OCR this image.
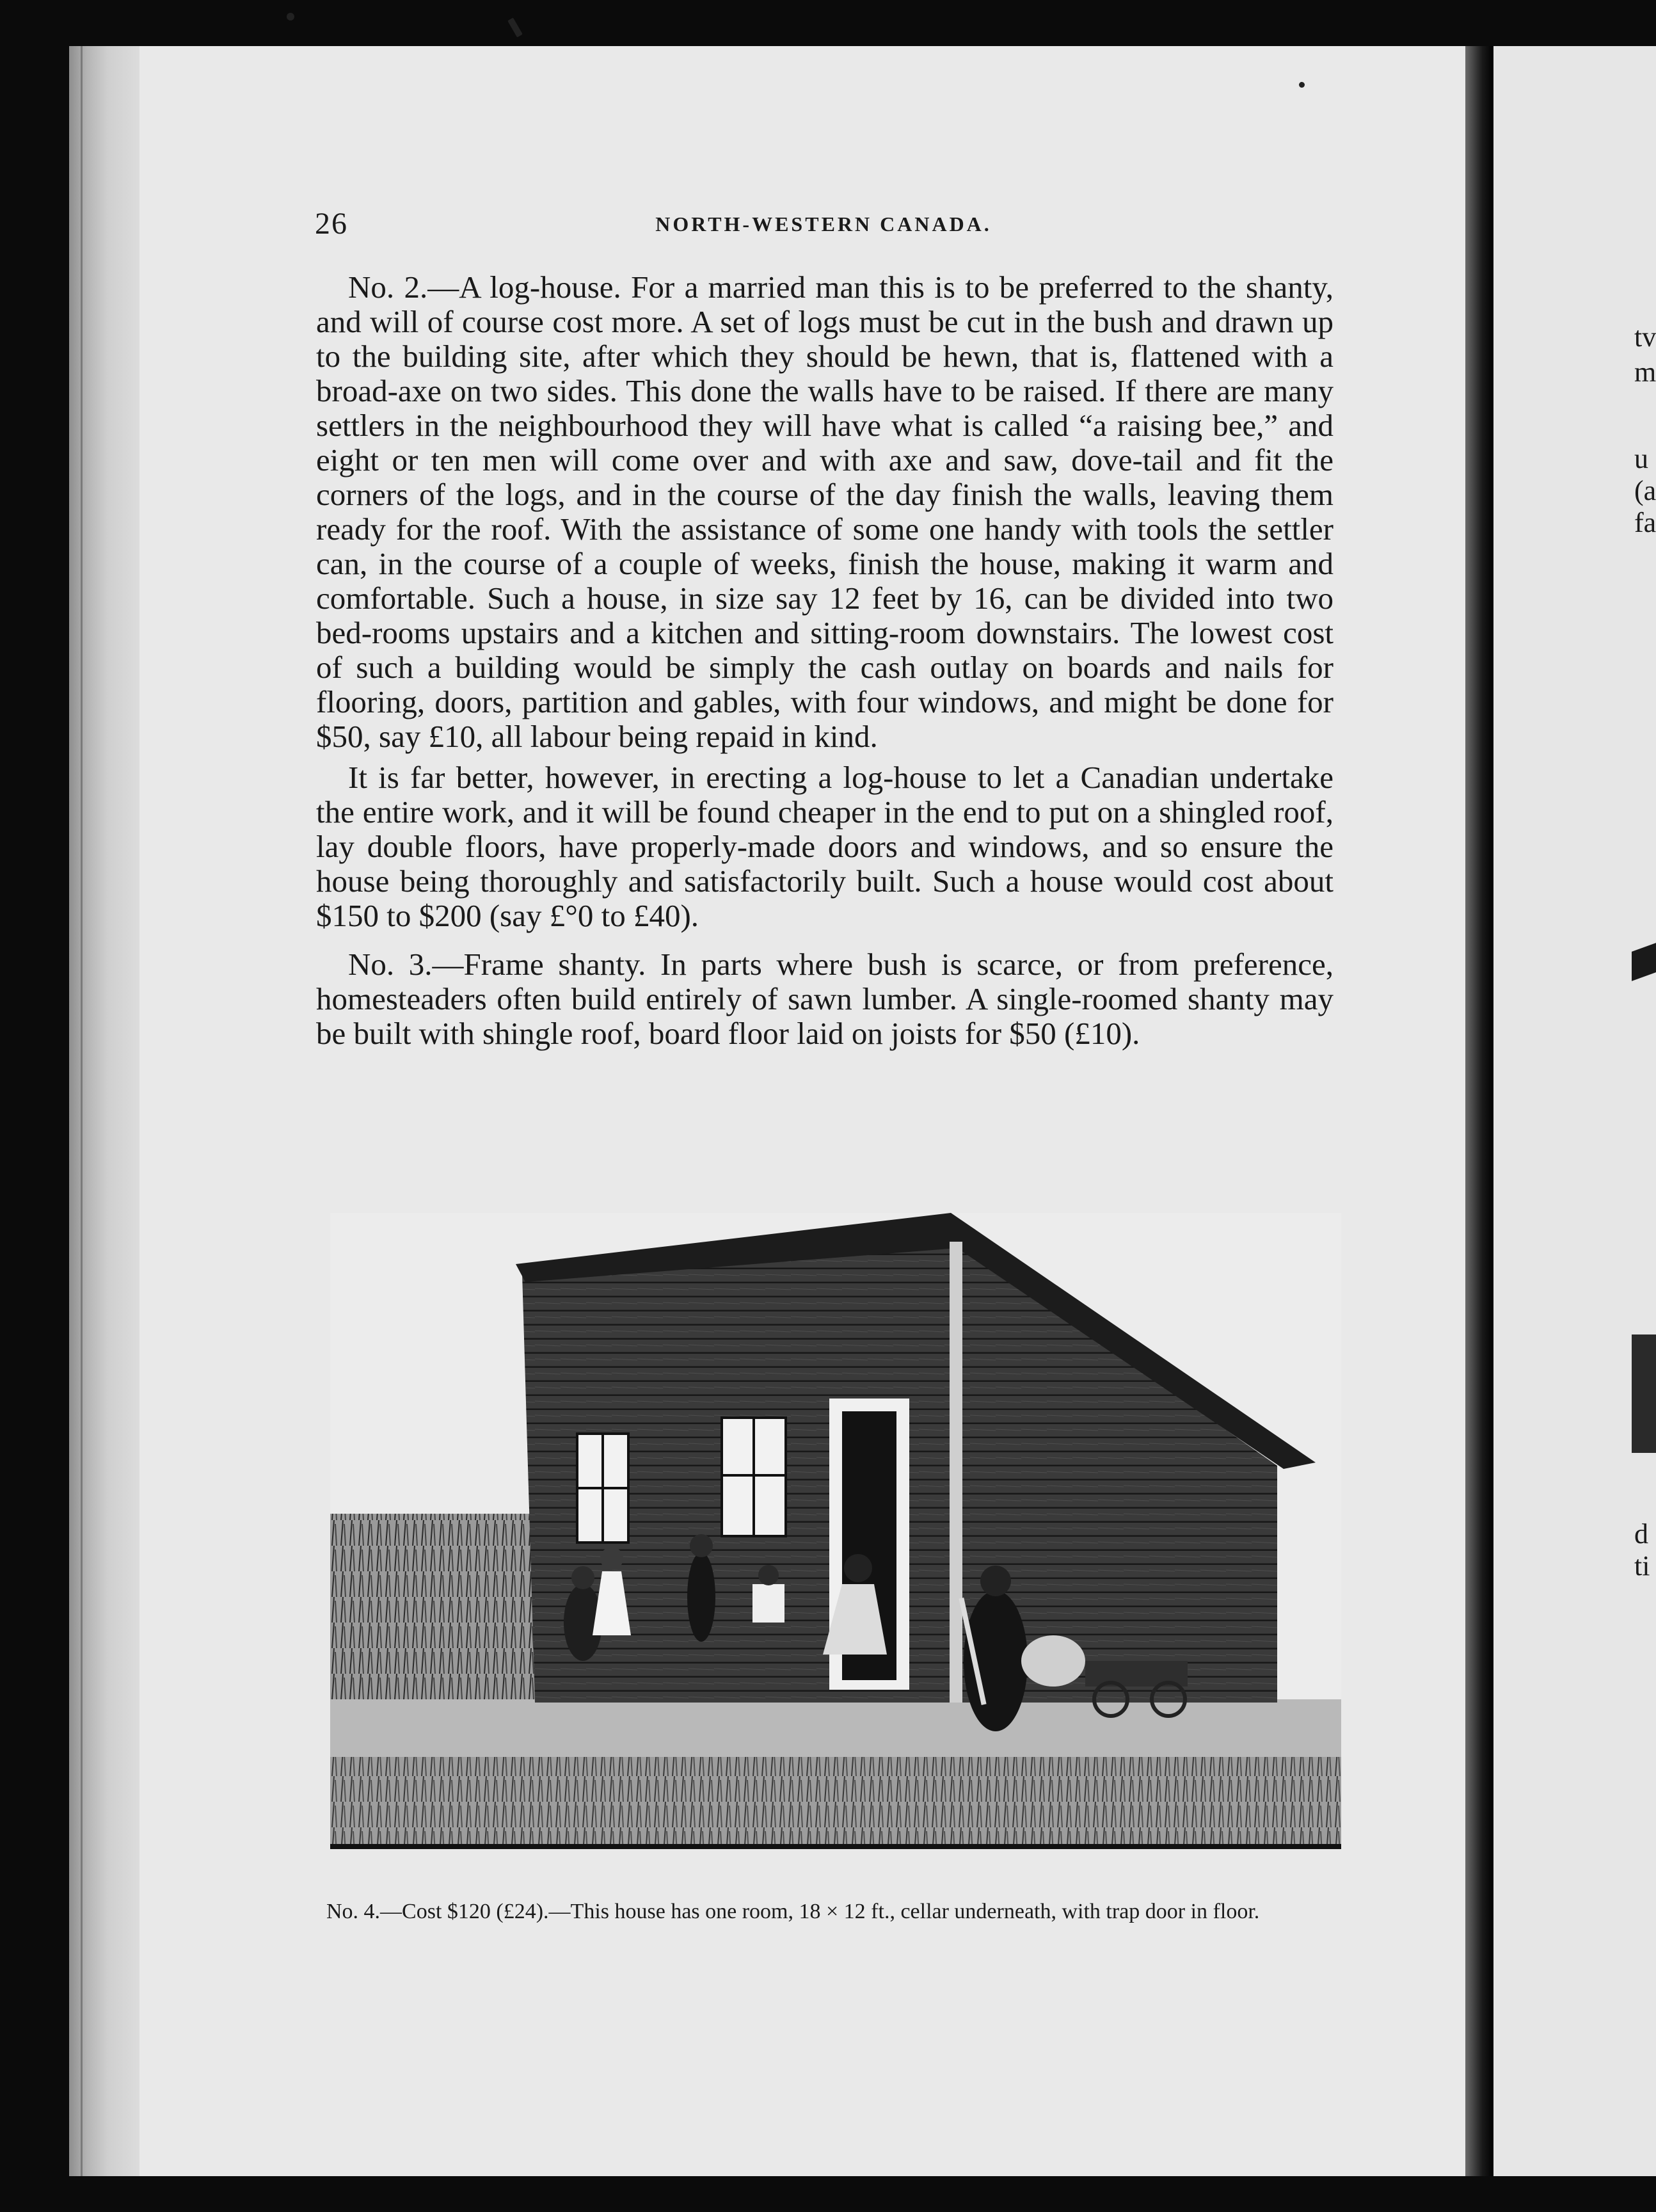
26	NORTH-WESTERN CANADA.

No. 2.—A log-house. For a married man this is to be preferred to the shanty, and will of course cost more. A set of logs must be cut in the bush and drawn up to the building site, after which they should be hewn, that is, flattened with a broad-axe on two sides. This done the walls have to be raised. If there are many settlers in the neighbourhood they will have what is called “a raising bee,” and eight or ten men will come over and with axe and saw, dove-tail and fit the corners of the logs, and in the course of the day finish the walls, leaving them ready for the roof. With the assistance of some one handy with tools the settler can, in the course of a couple of weeks, finish the house, making it warm and comfortable. Such a house, in size say 12 feet by 16, can be divided into two bed-rooms upstairs and a kitchen and sitting-room downstairs. The lowest cost of such a building would be simply the cash outlay on boards and nails for flooring, doors, partition and gables, with four windows, and might be done for $50, say £10, all labour being repaid in kind.

It is far better, however, in erecting a log-house to let a Canadian undertake the entire work, and it will be found cheaper in the end to put on a shingled roof, lay double floors, have properly-made doors and windows, and so ensure the house being thoroughly and satisfactorily built. Such a house would cost about $150 to $200 (say £°0 to £40).

No. 3.—Frame shanty. In parts where bush is scarce, or from preference, homesteaders often build entirely of sawn lumber. A single-roomed shanty may be built with shingle roof, board floor laid on joists for $50 (£10).

No. 4.—Cost $120 (£24).—This house has one room, 18 × 12 ft., cellar underneath, with trap door in floor.
tv
m
u
(a
fa
d
ti
